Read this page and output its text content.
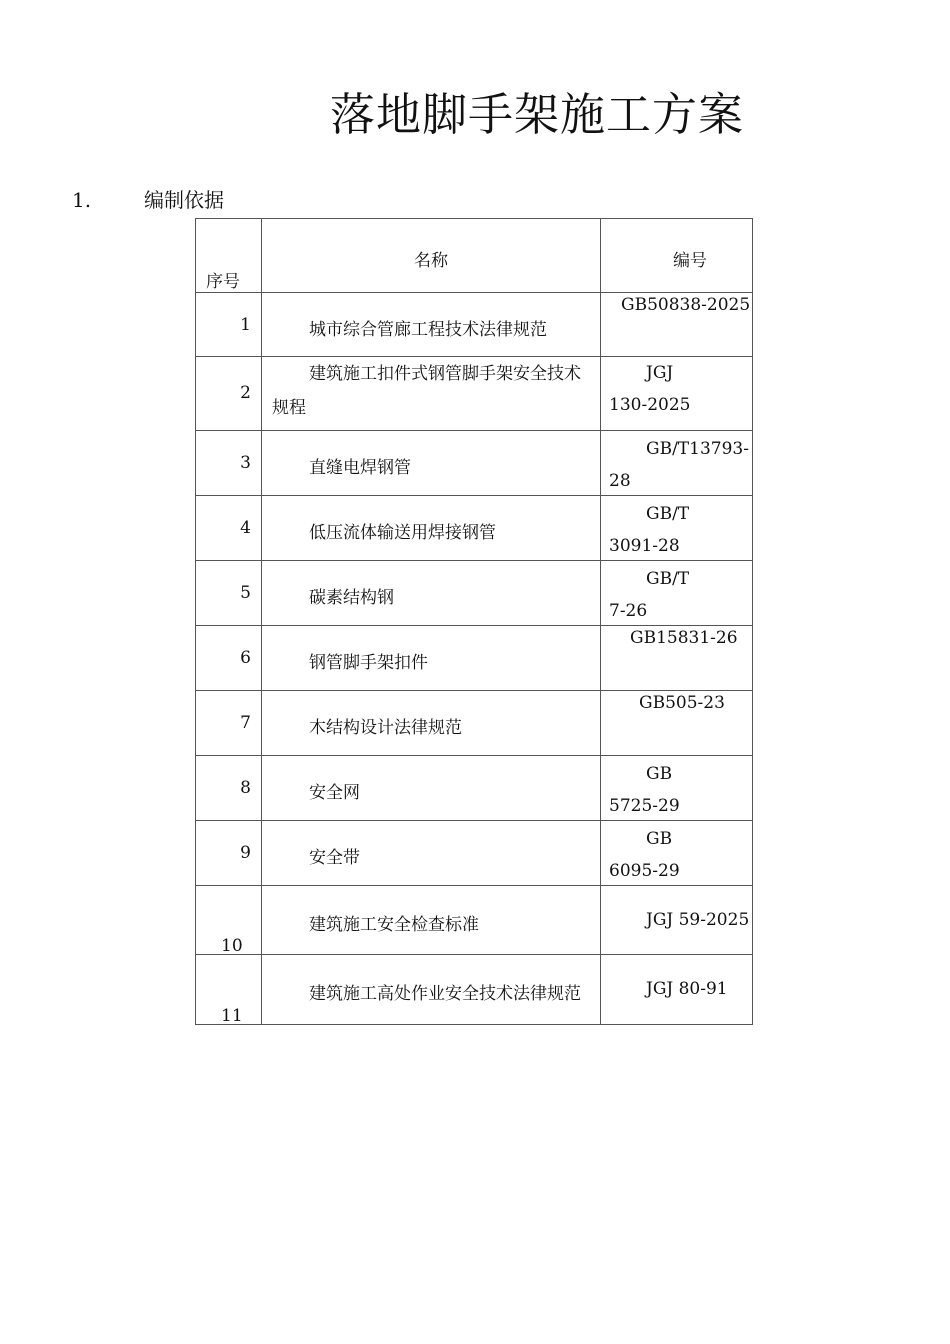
落地脚手架施工方案
1.	编制依据
序号	名称	编号

1	城市综合管廊工程技术法律规范	GB50838-2025

2	建筑施工扣件式钢管脚手架安全技术规程	JGJ
130-2025

3	直缝电焊钢管	GB/T13793-
28

4	低压流体输送用焊接钢管	GB/T
3091-28

5	碳素结构钢	GB/T
7-26

6	钢管脚手架扣件	GB15831-26

7	木结构设计法律规范	GB505-23

8	安全网	GB
5725-29

9	安全带	GB
6095-29

10	建筑施工安全检查标准	JGJ 59-2025

11	建筑施工高处作业安全技术法律规范	JGJ 80-91
